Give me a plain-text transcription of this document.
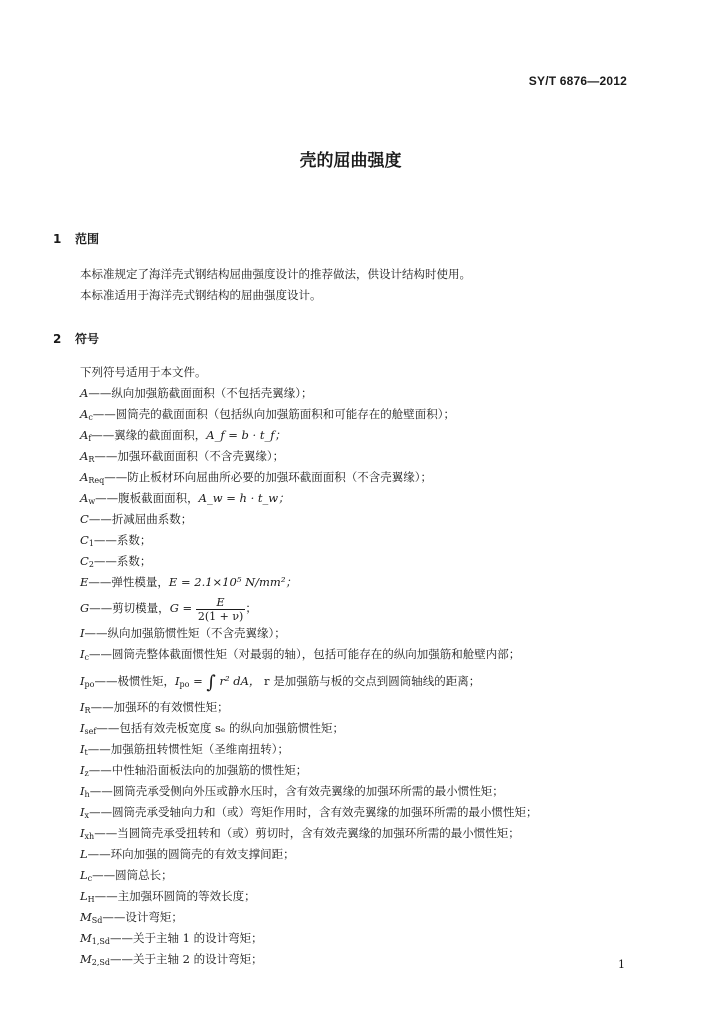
SY/T 6876—2012
壳的屈曲强度
1 范围
本标准规定了海洋壳式钢结构屈曲强度设计的推荐做法，供设计结构时使用。
本标准适用于海洋壳式钢结构的屈曲强度设计。
2 符号
下列符号适用于本文件。
A——纵向加强筋截面面积（不包括壳翼缘）；
$A_c——$圆筒壳的截面面积（包括纵向加强筋面积和可能存在的舱壁面积）；
$A_f——$翼缘的截面面积，A_f = b · t_f；
$A_R——$加强环截面面积（不含壳翼缘）；
$A_{Req}——$防止板材环向屈曲所必要的加强环截面面积（不含壳翼缘）；
$A_w——$腹板截面面积，A_w = h · t_w；
C——折减屈曲系数；
$C_1——$系数；
$C_2——$系数；
E——弹性模量，E = 2.1×10⁵ N/mm²；
G——剪切模量，$G = \frac{E}{2(1 + \nu)}$ ；
I——纵向加强筋惯性矩（不含壳翼缘）；
$I_c——$圆筒壳整体截面惯性矩（对最弱的轴），包括可能存在的纵向加强筋和舱壁内部；
$I_{po}——$极惯性矩，$I_{po}$ = ∫ r² dA， r 是加强筋与板的交点到圆筒轴线的距离；
$I_R——$加强环的有效惯性矩；
$I_{sef}——$包括有效壳板宽度 sₑ 的纵向加强筋惯性矩；
$I_t——$加强筋扭转惯性矩（圣维南扭转）；
$I_z——$中性轴沿面板法向的加强筋的惯性矩；
$I_h——$圆筒壳承受侧向外压或静水压时，含有效壳翼缘的加强环所需的最小惯性矩；
$I_x——$圆筒壳承受轴向力和（或）弯矩作用时，含有效壳翼缘的加强环所需的最小惯性矩；
$I_{xh}——$当圆筒壳承受扭转和（或）剪切时，含有效壳翼缘的加强环所需的最小惯性矩；
L——环向加强的圆筒壳的有效支撑间距；
$L_c——$圆筒总长；
$L_H——$主加强环圆筒的等效长度；
$M_{Sd}——$设计弯矩；
$M_{1,Sd}——$关于主轴 1 的设计弯矩；
$M_{2,Sd}——$关于主轴 2 的设计弯矩；	1
